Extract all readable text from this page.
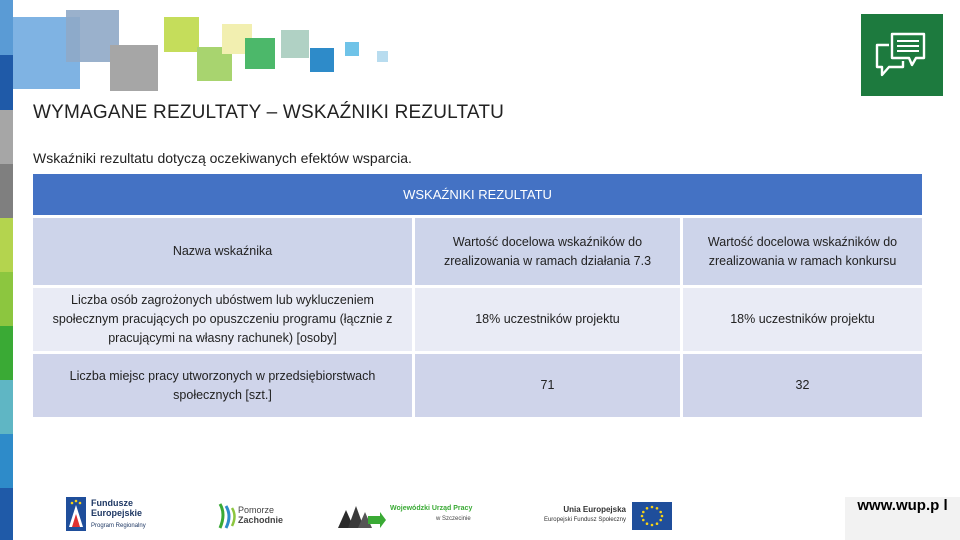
WYMAGANE REZULTATY – WSKAŹNIKI REZULTATU
Wskaźniki rezultatu dotyczą oczekiwanych efektów wsparcia.
WSKAŹNIKI REZULTATU		
Nazwa wskaźnika	Wartość docelowa wskaźników do zrealizowania w ramach działania 7.3	Wartość docelowa wskaźników do zrealizowania w ramach konkursu
Liczba osób zagrożonych ubóstwem lub wykluczeniem społecznym pracujących po opuszczeniu programu (łącznie z pracującymi na własny rachunek) [osoby]	18% uczestników projektu	18% uczestników projektu
Liczba miejsc pracy utworzonych w przedsiębiorstwach społecznych [szt.]	71	32
Fundusze
Europejskie
Program Regionalny
Pomorze
Zachodnie
Wojewódzki Urząd Pracy
w Szczecinie
Unia Europejska
Europejski Fundusz Społeczny
www.wup.p l
